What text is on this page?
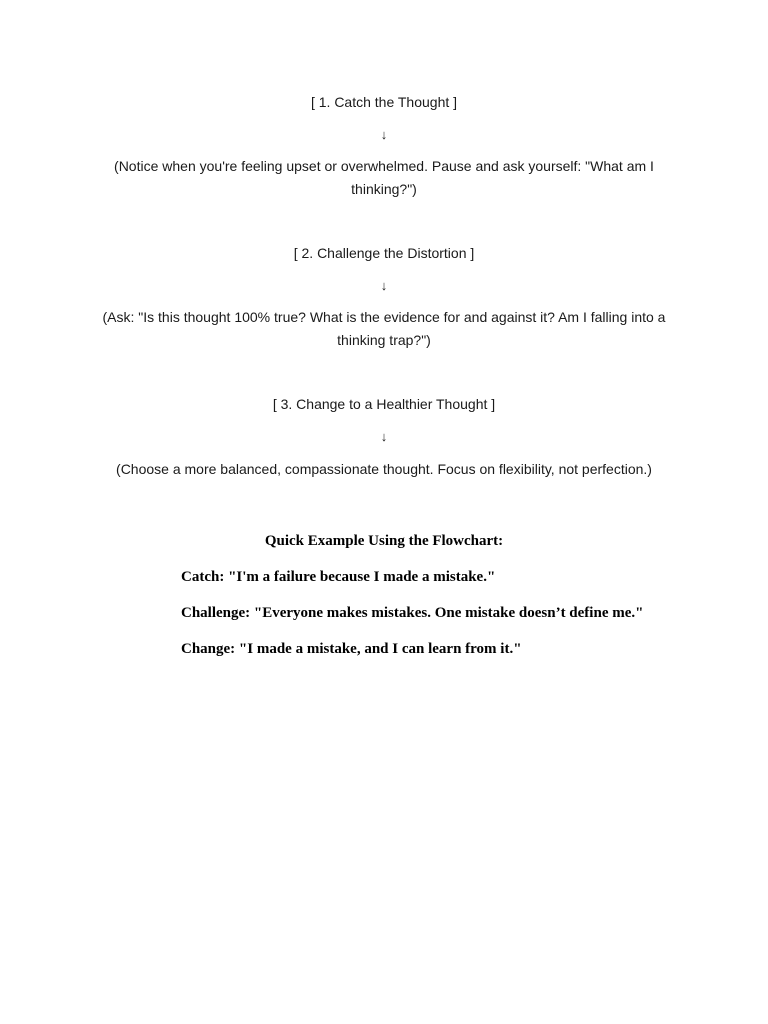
[ 1. Catch the Thought ]
↓
(Notice when you're feeling upset or overwhelmed. Pause and ask yourself: "What am I thinking?")
[ 2. Challenge the Distortion ]
↓
(Ask: "Is this thought 100% true? What is the evidence for and against it? Am I falling into a thinking trap?")
[ 3. Change to a Healthier Thought ]
↓
(Choose a more balanced, compassionate thought. Focus on flexibility, not perfection.)
Quick Example Using the Flowchart:
Catch: "I'm a failure because I made a mistake."
Challenge: "Everyone makes mistakes. One mistake doesn’t define me."
Change: "I made a mistake, and I can learn from it."
